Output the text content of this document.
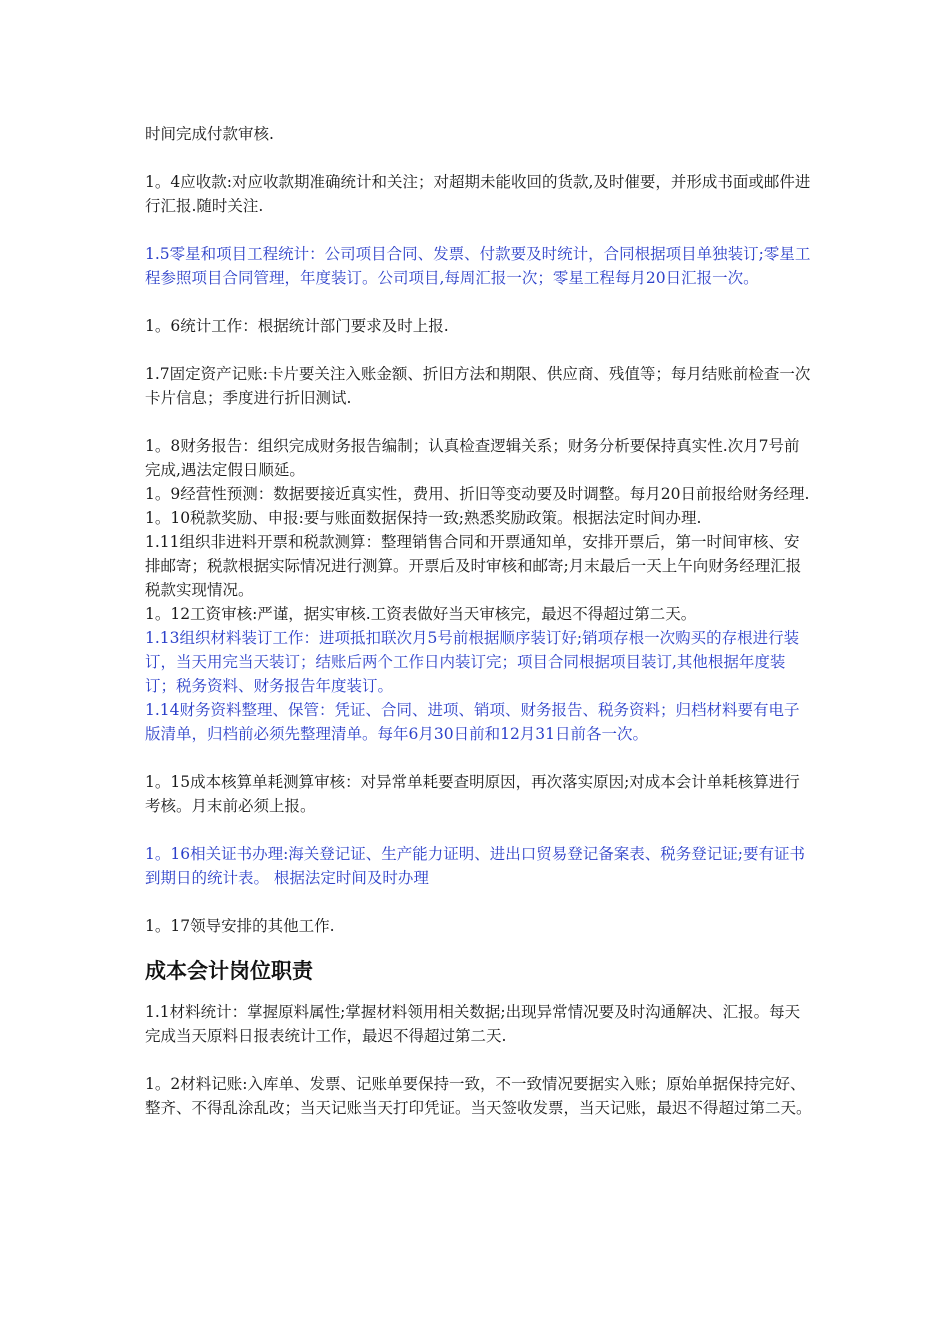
时间完成付款审核.

1。4应收款:对应收款期准确统计和关注；对超期未能收回的货款,及时催要，并形成书面或邮件进行汇报.随时关注.

1.5零星和项目工程统计：公司项目合同、发票、付款要及时统计，合同根据项目单独装订;零星工程参照项目合同管理，年度装订。公司项目,每周汇报一次；零星工程每月20日汇报一次。

1。6统计工作：根据统计部门要求及时上报.

1.7固定资产记账:卡片要关注入账金额、折旧方法和期限、供应商、残值等；每月结账前检查一次卡片信息；季度进行折旧测试.

1。8财务报告：组织完成财务报告编制；认真检查逻辑关系；财务分析要保持真实性.次月7号前完成,遇法定假日顺延。

1。9经营性预测：数据要接近真实性，费用、折旧等变动要及时调整。每月20日前报给财务经理.

1。10税款奖励、申报:要与账面数据保持一致;熟悉奖励政策。根据法定时间办理.

1.11组织非进料开票和税款测算：整理销售合同和开票通知单，安排开票后，第一时间审核、安排邮寄；税款根据实际情况进行测算。开票后及时审核和邮寄;月末最后一天上午向财务经理汇报税款实现情况。

1。12工资审核:严谨，据实审核.工资表做好当天审核完，最迟不得超过第二天。

1.13组织材料装订工作：进项抵扣联次月5号前根据顺序装订好;销项存根一次购买的存根进行装订，当天用完当天装订；结账后两个工作日内装订完；项目合同根据项目装订,其他根据年度装订；税务资料、财务报告年度装订。

1.14财务资料整理、保管：凭证、合同、进项、销项、财务报告、税务资料；归档材料要有电子版清单，归档前必须先整理清单。每年6月30日前和12月31日前各一次。

1。15成本核算单耗测算审核：对异常单耗要查明原因，再次落实原因;对成本会计单耗核算进行考核。月末前必须上报。

1。16相关证书办理:海关登记证、生产能力证明、进出口贸易登记备案表、税务登记证;要有证书到期日的统计表。 根据法定时间及时办理

1。17领导安排的其他工作.

成本会计岗位职责

1.1材料统计：掌握原料属性;掌握材料领用相关数据;出现异常情况要及时沟通解决、汇报。每天完成当天原料日报表统计工作，最迟不得超过第二天.

1。2材料记账:入库单、发票、记账单要保持一致，不一致情况要据实入账；原始单据保持完好、整齐、不得乱涂乱改；当天记账当天打印凭证。当天签收发票，当天记账，最迟不得超过第二天。
